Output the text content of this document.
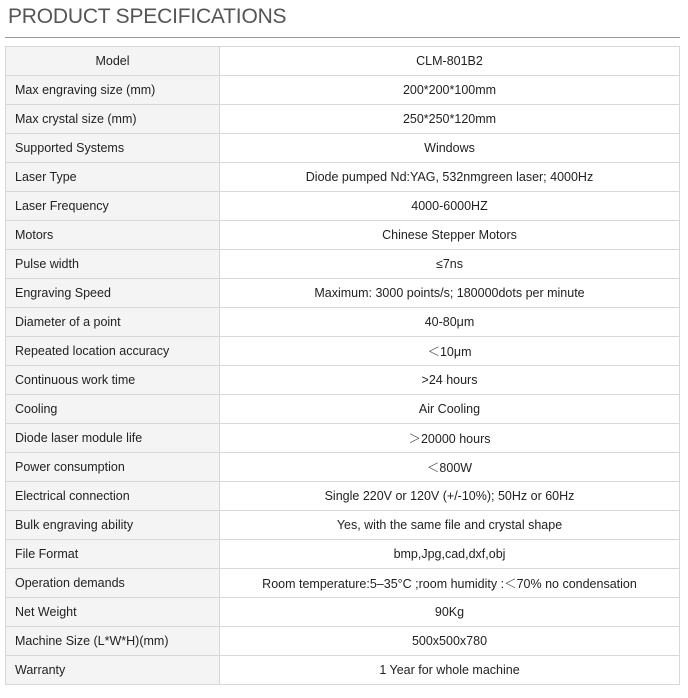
PRODUCT SPECIFICATIONS
Model	CLM-801B2
Max engraving size (mm)	200*200*100mm
Max crystal size (mm)	250*250*120mm
Supported Systems	Windows
Laser Type	Diode pumped Nd:YAG, 532nmgreen laser; 4000Hz
Laser Frequency	4000-6000HZ
Motors	Chinese Stepper Motors
Pulse width	≤7ns
Engraving Speed	Maximum: 3000 points/s; 180000dots per minute
Diameter of a point	40-80μm
Repeated location accuracy	＜10μm
Continuous work time	>24 hours
Cooling	Air Cooling
Diode laser module life	＞20000 hours
Power consumption	＜800W
Electrical connection	Single 220V or 120V (+/-10%); 50Hz or 60Hz
Bulk engraving ability	Yes, with the same file and crystal shape
File Format	bmp,Jpg,cad,dxf,obj
Operation demands	Room temperature:5–35°C ;room humidity :＜70% no condensation
Net Weight	90Kg
Machine Size (L*W*H)(mm)	500x500x780
Warranty	1 Year for whole machine
